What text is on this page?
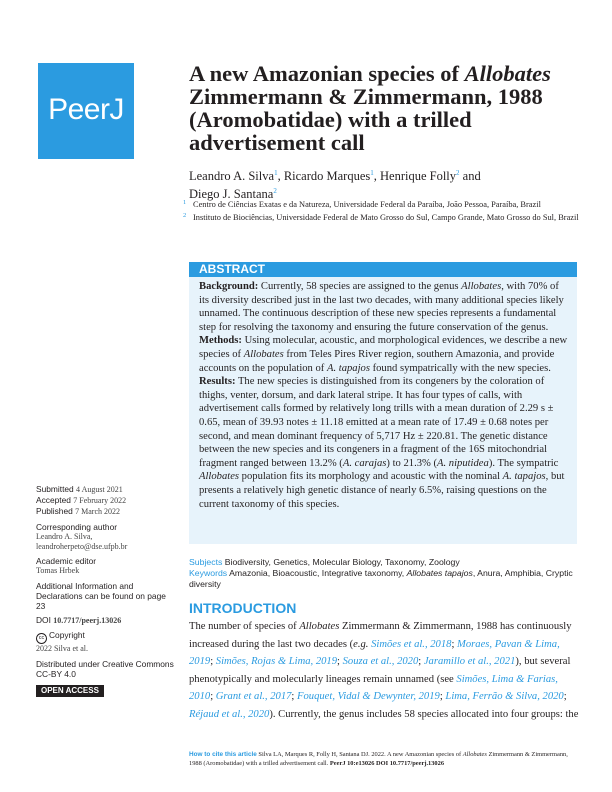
PeerJ
A new Amazonian species of Allobates Zimmermann & Zimmermann, 1988 (Aromobatidae) with a trilled advertisement call
Leandro A. Silva$^1$, Ricardo Marques$^1$, Henrique Folly$^2$ and
Diego J. Santana$^2$
1 Centro de Ciências Exatas e da Natureza, Universidade Federal da Paraíba, João Pessoa, Paraíba, Brazil
2 Instituto de Biociências, Universidade Federal de Mato Grosso do Sul, Campo Grande, Mato Grosso do Sul, Brazil
ABSTRACT

Background: Currently, 58 species are assigned to the genus Allobates, with 70% of its diversity described just in the last two decades, with many additional species likely unnamed. The continuous description of these new species represents a fundamental step for resolving the taxonomy and ensuring the future conservation of the genus.

Methods: Using molecular, acoustic, and morphological evidences, we describe a new species of Allobates from Teles Pires River region, southern Amazonia, and provide accounts on the population of A. tapajos found sympatrically with the new species.

Results: The new species is distinguished from its congeners by the coloration of thighs, venter, dorsum, and dark lateral stripe. It has four types of calls, with advertisement calls formed by relatively long trills with a mean duration of 2.29 s ± 0.65, mean of 39.93 notes ± 11.18 emitted at a mean rate of 17.49 ± 0.68 notes per second, and mean dominant frequency of 5,717 Hz ± 220.81. The genetic distance between the new species and its congeners in a fragment of the 16S mitochondrial fragment ranged between 13.2% (A. carajas) to 21.3% (A. niputidea). The sympatric Allobates population fits its morphology and acoustic with the nominal A. tapajos, but presents a relatively high genetic distance of nearly 6.5%, raising questions on the current taxonomy of this species.

Subjects Biodiversity, Genetics, Molecular Biology, Taxonomy, Zoology
Keywords Amazonia, Bioacoustic, Integrative taxonomy, Allobates tapajos, Anura, Amphibia, Cryptic diversity
INTRODUCTION

The number of species of Allobates Zimmermann & Zimmermann, 1988 has continuously increased during the last two decades (e.g. Simões et al., 2018; Moraes, Pavan & Lima, 2019; Simões, Rojas & Lima, 2019; Souza et al., 2020; Jaramillo et al., 2021), but several phenotypically and molecularly lineages remain unnamed (see Simões, Lima & Farias, 2010; Grant et al., 2017; Fouquet, Vidal & Dewynter, 2019; Lima, Ferrão & Silva, 2020; Réjaud et al., 2020). Currently, the genus includes 58 species allocated into four groups: the

Submitted 4 August 2021
Accepted 7 February 2022
Published 7 March 2022
Corresponding author
Leandro A. Silva,
leandroherpeto@dse.ufpb.br
Academic editor
Tomas Hrbek
Additional Information and Declarations can be found on page 23
DOI 10.7717/peerj.13026
cc Copyright
2022 Silva et al.
Distributed under Creative Commons CC-BY 4.0
OPEN ACCESS
How to cite this article Silva LA, Marques R, Folly H, Santana DJ. 2022. A new Amazonian species of Allobates Zimmermann & Zimmermann, 1988 (Aromobatidae) with a trilled advertisement call. PeerJ 10:e13026 DOI 10.7717/peerj.13026
